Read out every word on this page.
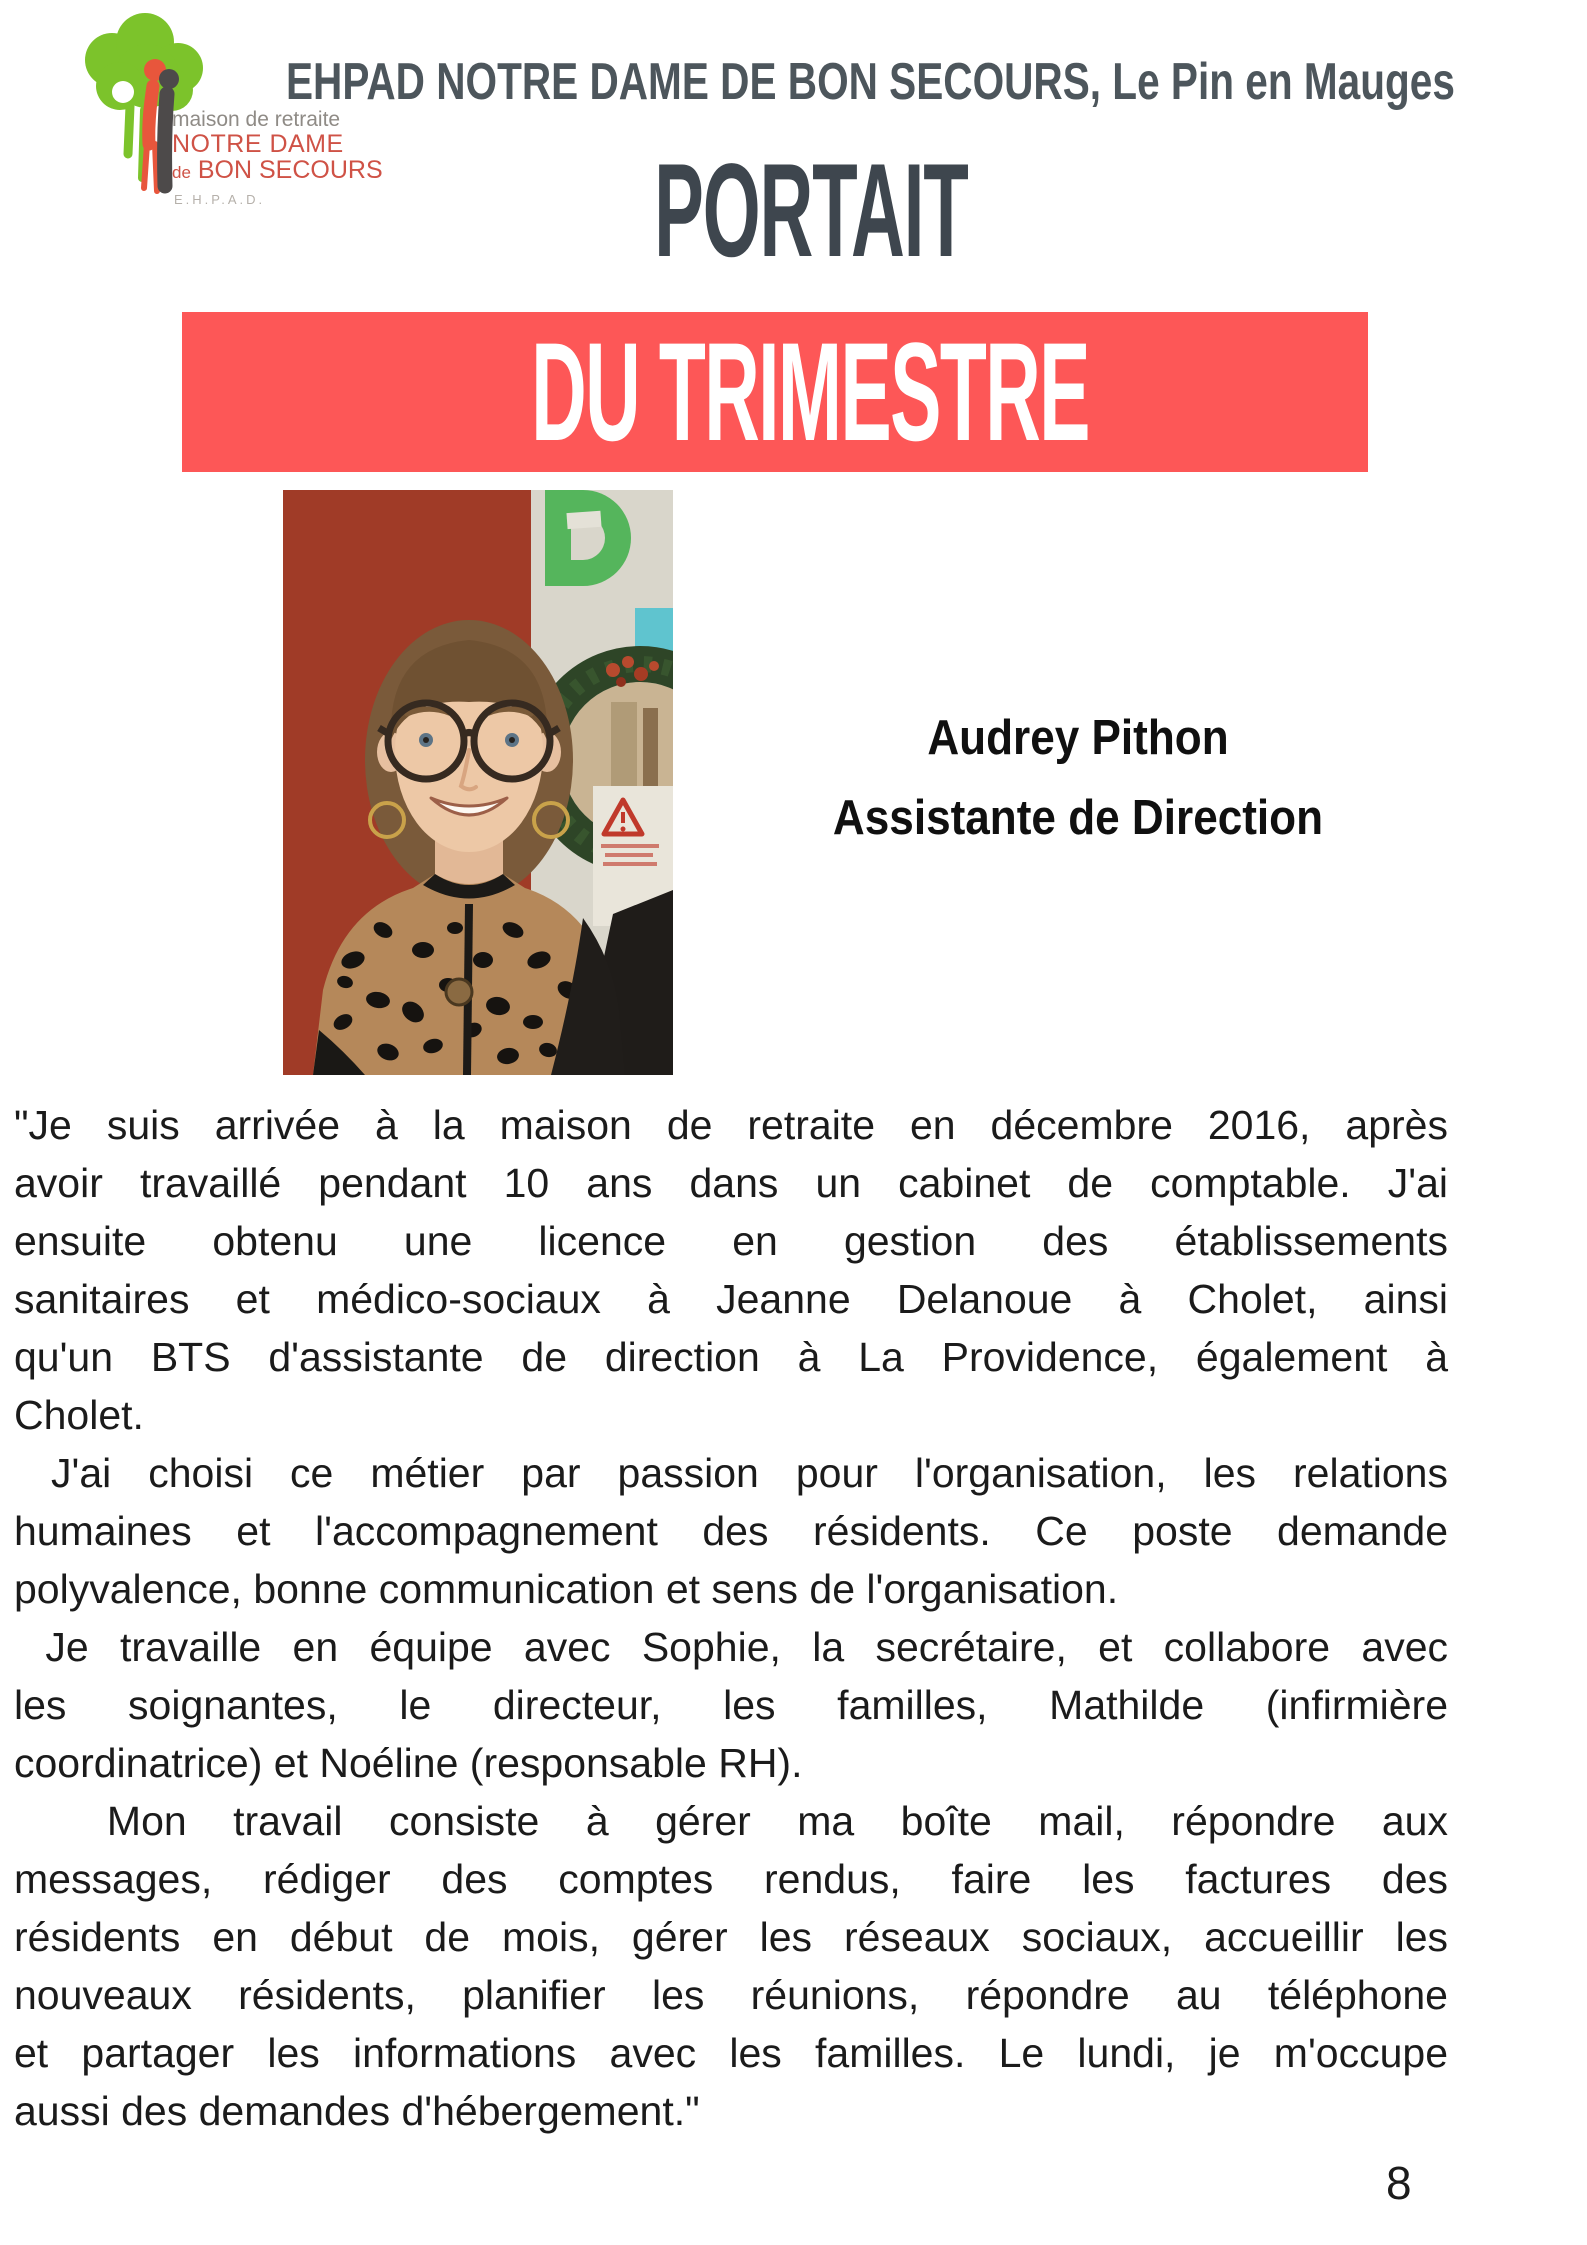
maison de retraite
NOTRE DAME
de BON SECOURS
E.H.P.A.D.
EHPAD NOTRE DAME DE BON SECOURS, Le Pin en Mauges
PORTAIT
DU TRIMESTRE
Audrey Pithon
Assistante de Direction
"Je suis arrivée à la maison de retraite en décembre 2016, après
avoir travaillé pendant 10 ans dans un cabinet de comptable. J'ai
ensuite obtenu une licence en gestion des établissements
sanitaires et médico-sociaux à Jeanne Delanoue à Cholet, ainsi
qu'un BTS d'assistante de direction à La Providence, également à
Cholet.
J'ai choisi ce métier par passion pour l'organisation, les relations
humaines et l'accompagnement des résidents. Ce poste demande
polyvalence, bonne communication et sens de l'organisation.
Je travaille en équipe avec Sophie, la secrétaire, et collabore avec
les soignantes, le directeur, les familles, Mathilde (infirmière
coordinatrice) et Noéline (responsable RH).
Mon travail consiste à gérer ma boîte mail, répondre aux
messages, rédiger des comptes rendus, faire les factures des
résidents en début de mois, gérer les réseaux sociaux, accueillir les
nouveaux résidents, planifier les réunions, répondre au téléphone
et partager les informations avec les familles. Le lundi, je m'occupe
aussi des demandes d'hébergement."
8
